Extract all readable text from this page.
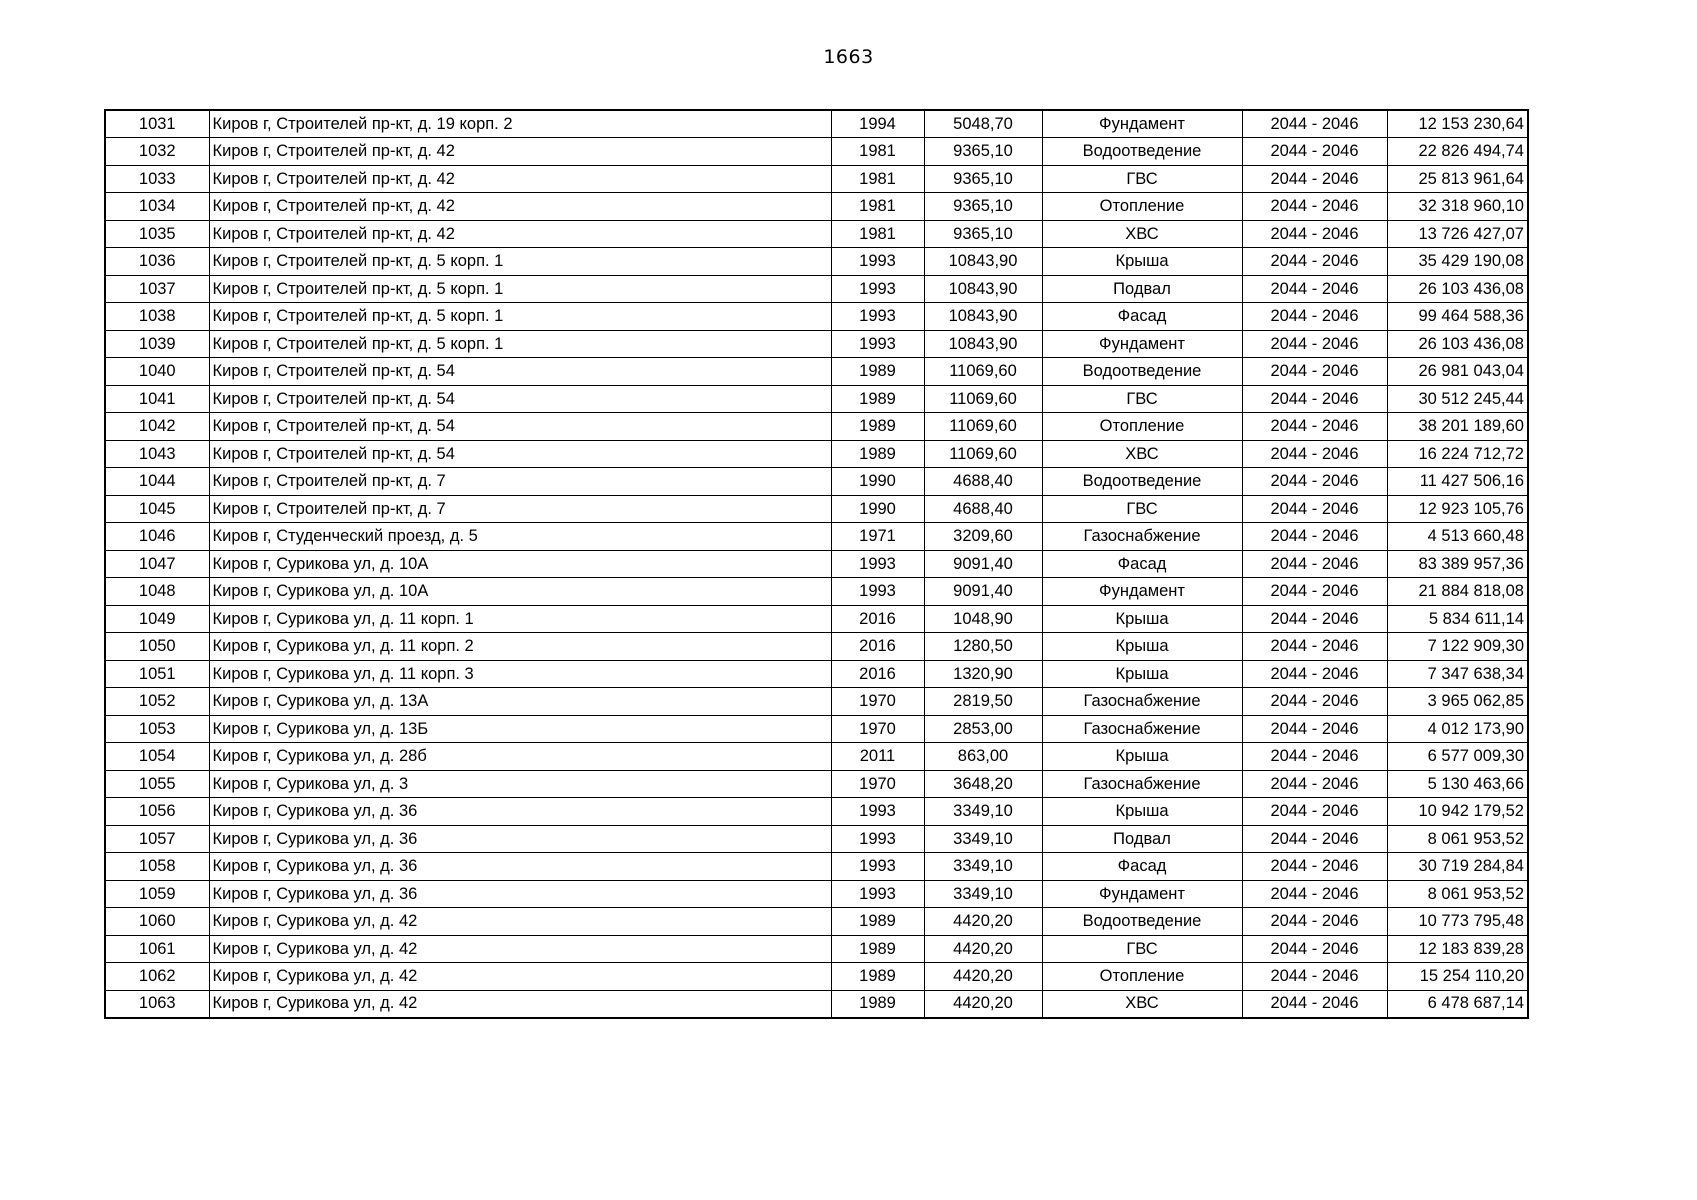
1663
1031	Киров г, Строителей пр-кт, д. 19 корп. 2	1994	5048,70	Фундамент	2044 - 2046	12 153 230,64
1032	Киров г, Строителей пр-кт, д. 42	1981	9365,10	Водоотведение	2044 - 2046	22 826 494,74
1033	Киров г, Строителей пр-кт, д. 42	1981	9365,10	ГВС	2044 - 2046	25 813 961,64
1034	Киров г, Строителей пр-кт, д. 42	1981	9365,10	Отопление	2044 - 2046	32 318 960,10
1035	Киров г, Строителей пр-кт, д. 42	1981	9365,10	ХВС	2044 - 2046	13 726 427,07
1036	Киров г, Строителей пр-кт, д. 5 корп. 1	1993	10843,90	Крыша	2044 - 2046	35 429 190,08
1037	Киров г, Строителей пр-кт, д. 5 корп. 1	1993	10843,90	Подвал	2044 - 2046	26 103 436,08
1038	Киров г, Строителей пр-кт, д. 5 корп. 1	1993	10843,90	Фасад	2044 - 2046	99 464 588,36
1039	Киров г, Строителей пр-кт, д. 5 корп. 1	1993	10843,90	Фундамент	2044 - 2046	26 103 436,08
1040	Киров г, Строителей пр-кт, д. 54	1989	11069,60	Водоотведение	2044 - 2046	26 981 043,04
1041	Киров г, Строителей пр-кт, д. 54	1989	11069,60	ГВС	2044 - 2046	30 512 245,44
1042	Киров г, Строителей пр-кт, д. 54	1989	11069,60	Отопление	2044 - 2046	38 201 189,60
1043	Киров г, Строителей пр-кт, д. 54	1989	11069,60	ХВС	2044 - 2046	16 224 712,72
1044	Киров г, Строителей пр-кт, д. 7	1990	4688,40	Водоотведение	2044 - 2046	11 427 506,16
1045	Киров г, Строителей пр-кт, д. 7	1990	4688,40	ГВС	2044 - 2046	12 923 105,76
1046	Киров г, Студенческий проезд, д. 5	1971	3209,60	Газоснабжение	2044 - 2046	4 513 660,48
1047	Киров г, Сурикова ул, д. 10А	1993	9091,40	Фасад	2044 - 2046	83 389 957,36
1048	Киров г, Сурикова ул, д. 10А	1993	9091,40	Фундамент	2044 - 2046	21 884 818,08
1049	Киров г, Сурикова ул, д. 11 корп. 1	2016	1048,90	Крыша	2044 - 2046	5 834 611,14
1050	Киров г, Сурикова ул, д. 11 корп. 2	2016	1280,50	Крыша	2044 - 2046	7 122 909,30
1051	Киров г, Сурикова ул, д. 11 корп. 3	2016	1320,90	Крыша	2044 - 2046	7 347 638,34
1052	Киров г, Сурикова ул, д. 13А	1970	2819,50	Газоснабжение	2044 - 2046	3 965 062,85
1053	Киров г, Сурикова ул, д. 13Б	1970	2853,00	Газоснабжение	2044 - 2046	4 012 173,90
1054	Киров г, Сурикова ул, д. 28б	2011	863,00	Крыша	2044 - 2046	6 577 009,30
1055	Киров г, Сурикова ул, д. 3	1970	3648,20	Газоснабжение	2044 - 2046	5 130 463,66
1056	Киров г, Сурикова ул, д. 36	1993	3349,10	Крыша	2044 - 2046	10 942 179,52
1057	Киров г, Сурикова ул, д. 36	1993	3349,10	Подвал	2044 - 2046	8 061 953,52
1058	Киров г, Сурикова ул, д. 36	1993	3349,10	Фасад	2044 - 2046	30 719 284,84
1059	Киров г, Сурикова ул, д. 36	1993	3349,10	Фундамент	2044 - 2046	8 061 953,52
1060	Киров г, Сурикова ул, д. 42	1989	4420,20	Водоотведение	2044 - 2046	10 773 795,48
1061	Киров г, Сурикова ул, д. 42	1989	4420,20	ГВС	2044 - 2046	12 183 839,28
1062	Киров г, Сурикова ул, д. 42	1989	4420,20	Отопление	2044 - 2046	15 254 110,20
1063	Киров г, Сурикова ул, д. 42	1989	4420,20	ХВС	2044 - 2046	6 478 687,14
